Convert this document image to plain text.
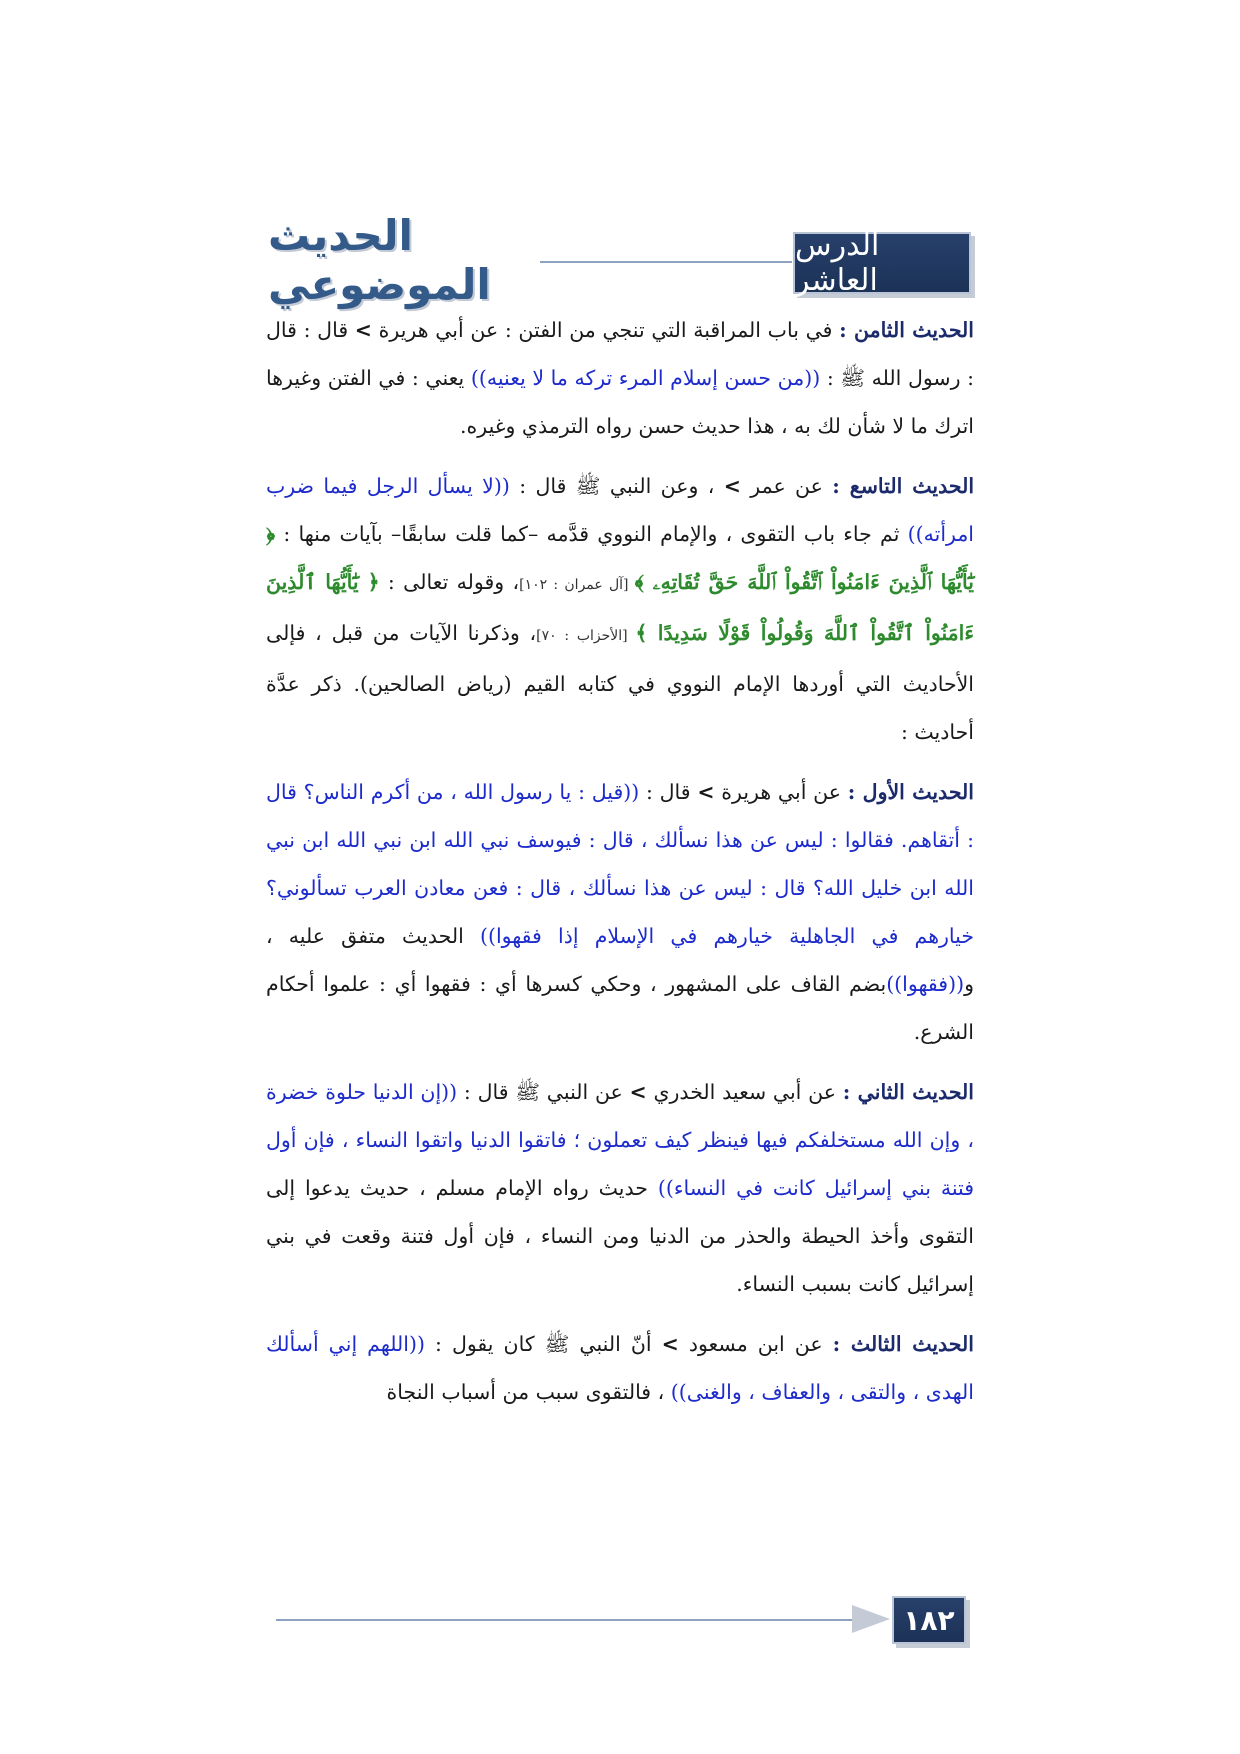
الدرس العاشر
الحديث الموضوعي

الحديث الثامن : في باب المراقبة التي تنجي من الفتن : عن أبي هريرة > قال : قال : رسول الله ﷺ : ((من حسن إسلام المرء تركه ما لا يعنيه)) يعني : في الفتن وغيرها اترك ما لا شأن لك به ، هذا حديث حسن رواه الترمذي وغيره.

الحديث التاسع : عن عمر > ، وعن النبي ﷺ قال : ((لا يسأل الرجل فيما ضرب امرأته)) ثم جاء باب التقوى ، والإمام النووي قدَّمه –كما قلت سابقًا– بآيات منها : ﴿ يَٰٓأَيُّهَا ٱلَّذِينَ ءَامَنُواْ ٱتَّقُواْ ٱللَّهَ حَقَّ تُقَاتِهِۦ ﴾ [آل عمران : ١٠٢]، وقوله تعالى : ﴿ يَٰٓأَيُّهَا ٱلَّذِينَ ءَامَنُواْ ٱتَّقُواْ ٱللَّهَ وَقُولُواْ قَوْلًا سَدِيدًا ﴾ [الأحزاب : ٧٠]، وذكرنا الآيات من قبل ، فإلى الأحاديث التي أوردها الإمام النووي في كتابه القيم (رياض الصالحين). ذكر عدَّة أحاديث :

الحديث الأول : عن أبي هريرة > قال : ((قيل : يا رسول الله ، من أكرم الناس؟ قال : أتقاهم. فقالوا : ليس عن هذا نسألك ، قال : فيوسف نبي الله ابن نبي الله ابن نبي الله ابن خليل الله؟ قال : ليس عن هذا نسألك ، قال : فعن معادن العرب تسألوني؟ خيارهم في الجاهلية خيارهم في الإسلام إذا فقهوا)) الحديث متفق عليه ، و((فقهوا))بضم القاف على المشهور ، وحكي كسرها أي : فقهوا أي : علموا أحكام الشرع.

الحديث الثاني : عن أبي سعيد الخدري > عن النبي ﷺ قال : ((إن الدنيا حلوة خضرة ، وإن الله مستخلفكم فيها فينظر كيف تعملون ؛ فاتقوا الدنيا واتقوا النساء ، فإن أول فتنة بني إسرائيل كانت في النساء)) حديث رواه الإمام مسلم ، حديث يدعوا إلى التقوى وأخذ الحيطة والحذر من الدنيا ومن النساء ، فإن أول فتنة وقعت في بني إسرائيل كانت بسبب النساء.

الحديث الثالث : عن ابن مسعود > أنّ النبي ﷺ كان يقول : ((اللهم إني أسألك الهدى ، والتقى ، والعفاف ، والغنى)) ، فالتقوى سبب من أسباب النجاة

١٨٢
